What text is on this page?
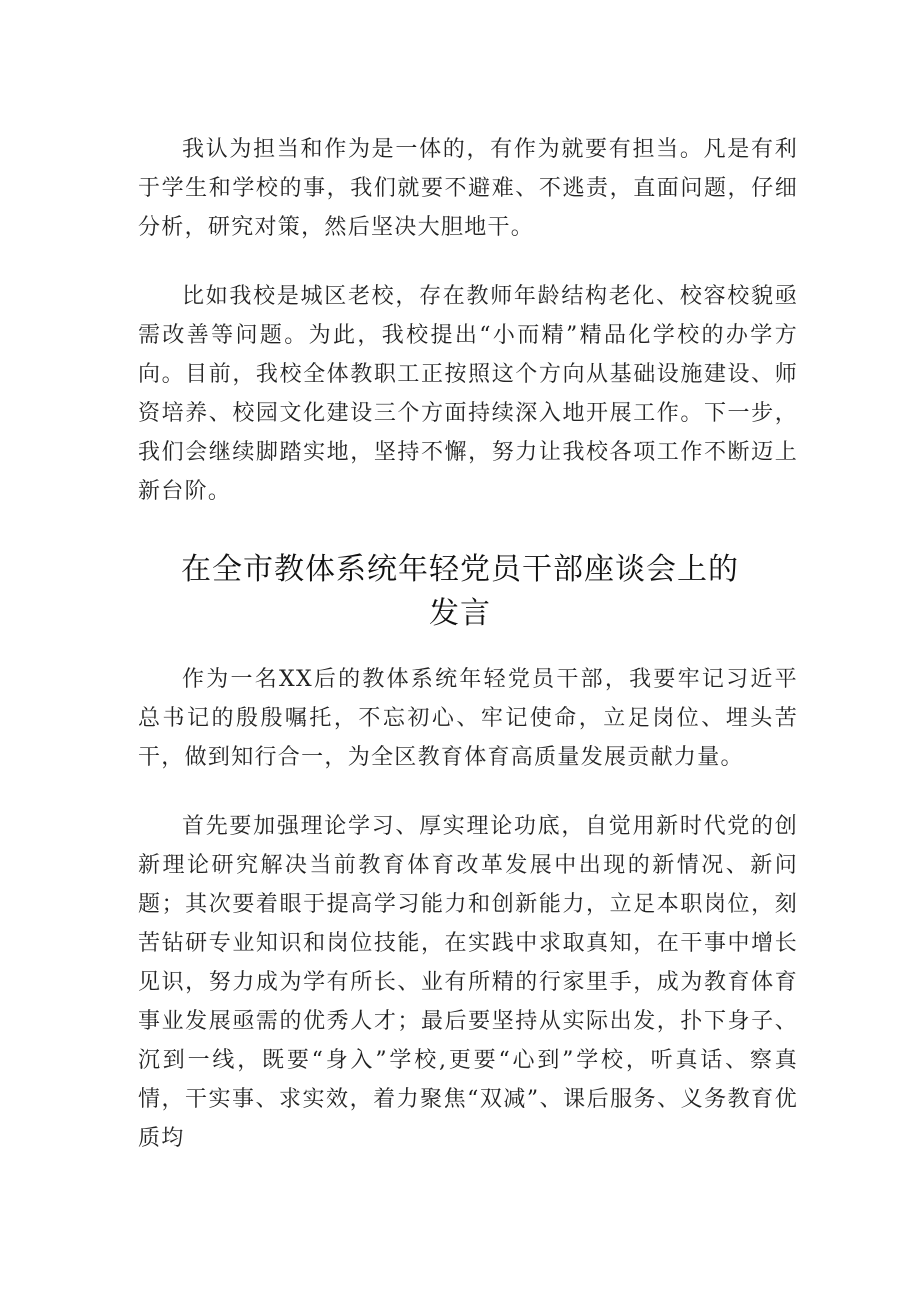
我认为担当和作为是一体的，有作为就要有担当。凡是有利于学生和学校的事，我们就要不避难、不逃责，直面问题，仔细分析，研究对策，然后坚决大胆地干。

比如我校是城区老校，存在教师年龄结构老化、校容校貌亟需改善等问题。为此，我校提出“小而精”精品化学校的办学方向。目前，我校全体教职工正按照这个方向从基础设施建设、师资培养、校园文化建设三个方面持续深入地开展工作。下一步，我们会继续脚踏实地，坚持不懈，努力让我校各项工作不断迈上新台阶。

在全市教体系统年轻党员干部座谈会上的
发言

作为一名XX后的教体系统年轻党员干部，我要牢记习近平总书记的殷殷嘱托，不忘初心、牢记使命，立足岗位、埋头苦干，做到知行合一，为全区教育体育高质量发展贡献力量。

首先要加强理论学习、厚实理论功底，自觉用新时代党的创新理论研究解决当前教育体育改革发展中出现的新情况、新问题；其次要着眼于提高学习能力和创新能力，立足本职岗位，刻苦钻研专业知识和岗位技能，在实践中求取真知，在干事中增长见识，努力成为学有所长、业有所精的行家里手，成为教育体育事业发展亟需的优秀人才；最后要坚持从实际出发，扑下身子、沉到一线，既要“身入”学校,更要“心到”学校，听真话、察真情，干实事、求实效，着力聚焦“双减”、课后服务、义务教育优质均
